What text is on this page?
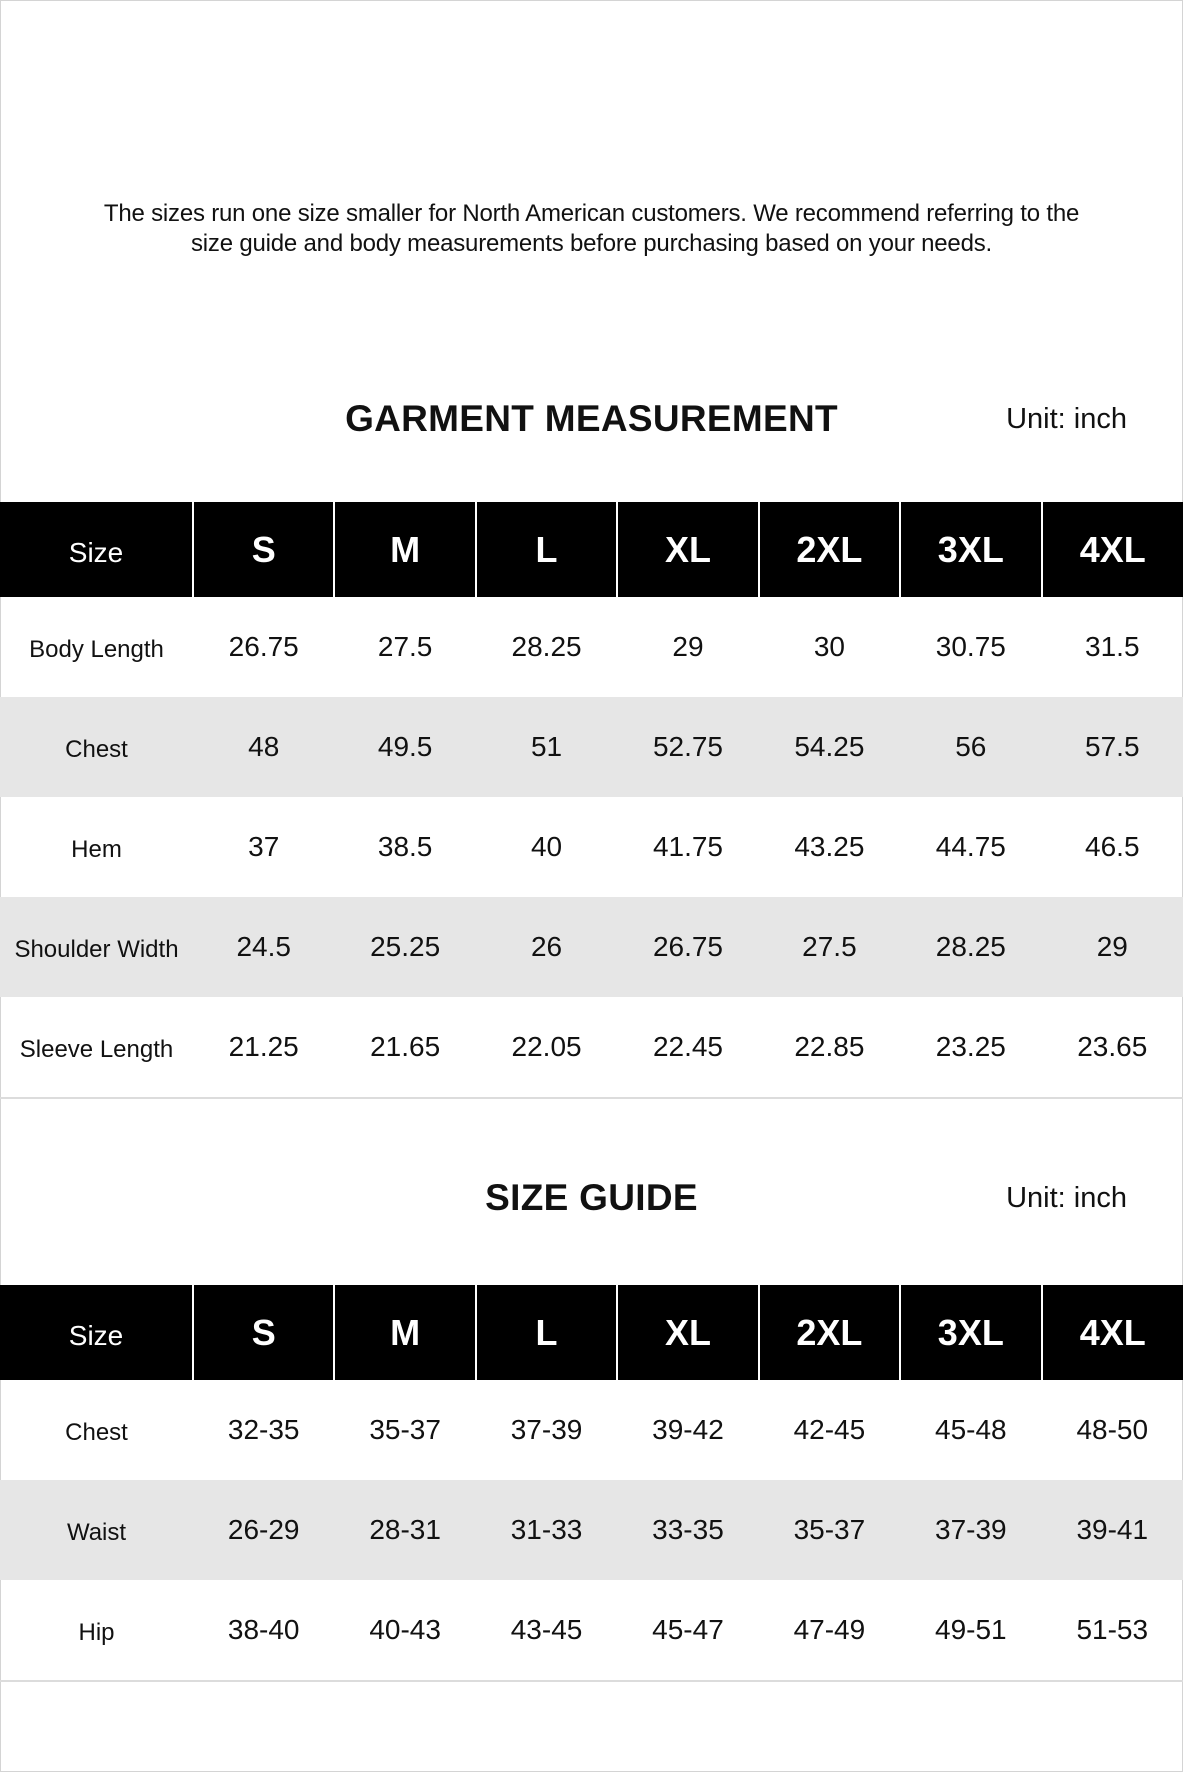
The sizes run one size smaller for North American customers. We recommend referring to the size guide and body measurements before purchasing based on your needs.

GARMENT MEASUREMENT	Unit: inch
Size	S	M	L	XL	2XL	3XL	4XL
Body Length	26.75	27.5	28.25	29	30	30.75	31.5
Chest	48	49.5	51	52.75	54.25	56	57.5
Hem	37	38.5	40	41.75	43.25	44.75	46.5
Shoulder Width	24.5	25.25	26	26.75	27.5	28.25	29
Sleeve Length	21.25	21.65	22.05	22.45	22.85	23.25	23.65
SIZE GUIDE	Unit: inch
Size	S	M	L	XL	2XL	3XL	4XL
Chest	32-35	35-37	37-39	39-42	42-45	45-48	48-50
Waist	26-29	28-31	31-33	33-35	35-37	37-39	39-41
Hip	38-40	40-43	43-45	45-47	47-49	49-51	51-53
